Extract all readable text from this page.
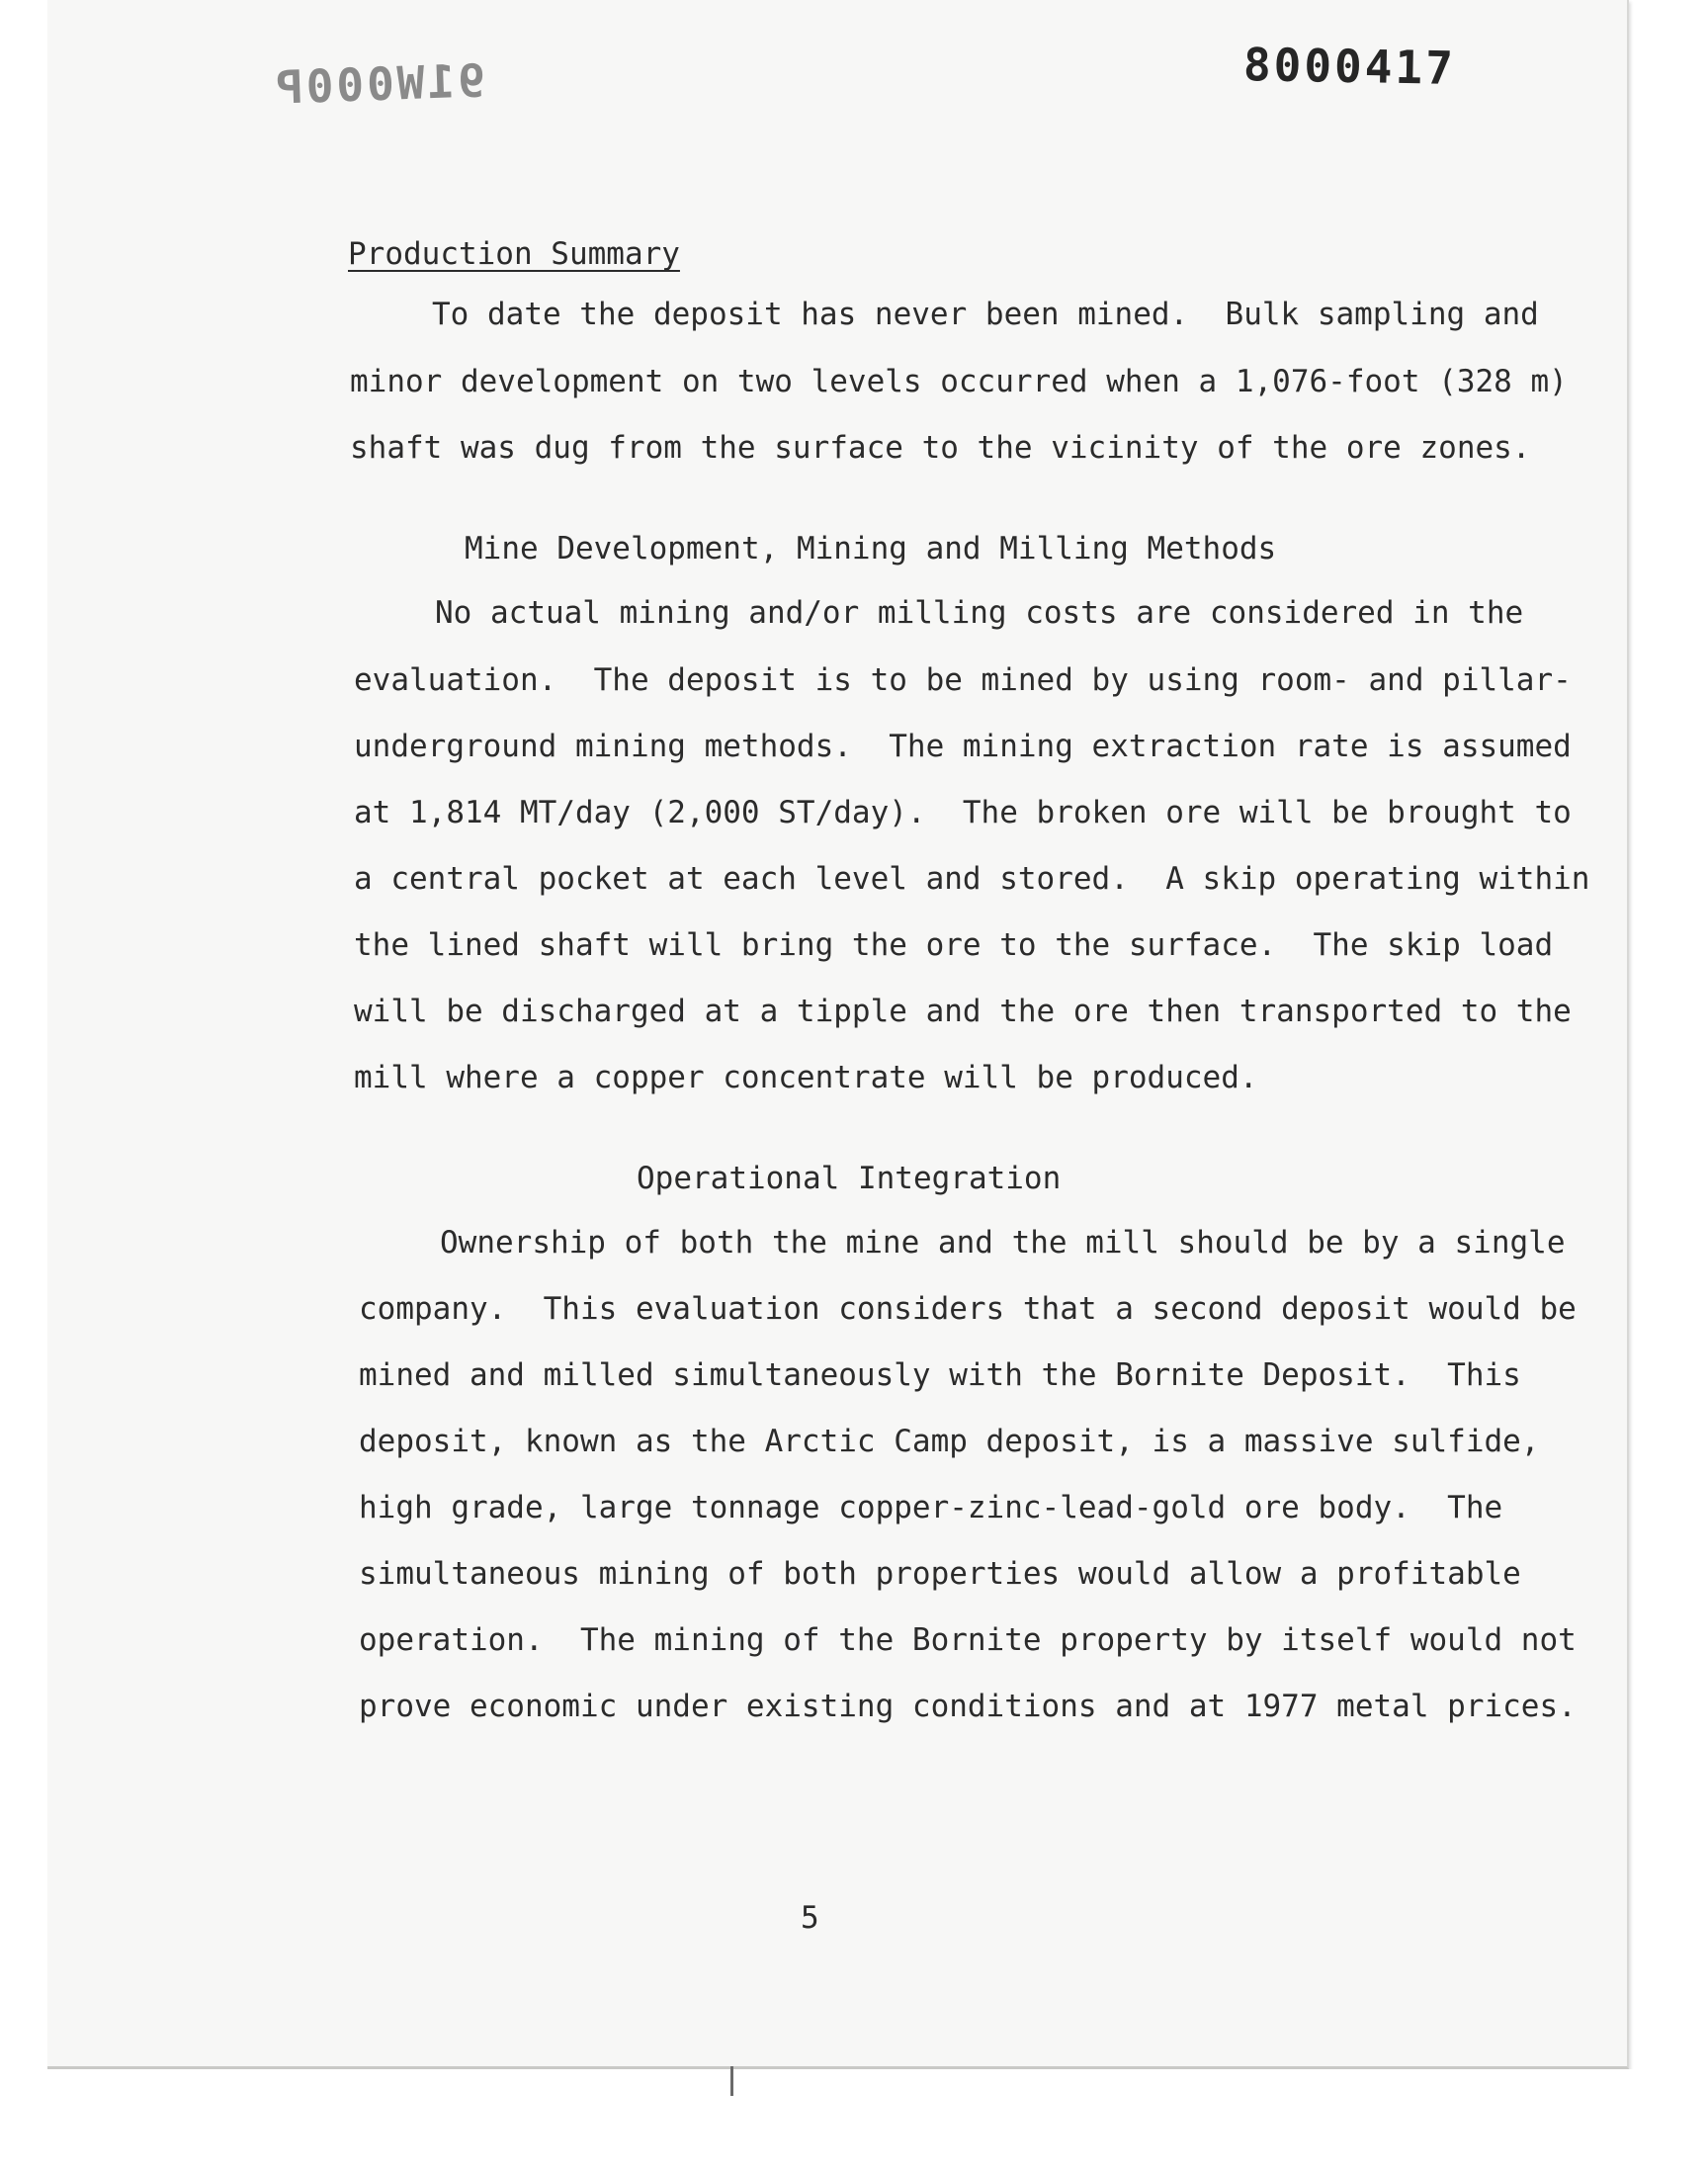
91W000P	8000417

Production Summary

To date the deposit has never been mined.  Bulk sampling and

minor development on two levels occurred when a 1,076-foot (328 m)

shaft was dug from the surface to the vicinity of the ore zones.

Mine Development, Mining and Milling Methods

No actual mining and/or milling costs are considered in the

evaluation.  The deposit is to be mined by using room- and pillar-

underground mining methods.  The mining extraction rate is assumed

at 1,814 MT/day (2,000 ST/day).  The broken ore will be brought to

a central pocket at each level and stored.  A skip operating within

the lined shaft will bring the ore to the surface.  The skip load

will be discharged at a tipple and the ore then transported to the

mill where a copper concentrate will be produced.

Operational Integration

Ownership of both the mine and the mill should be by a single

company.  This evaluation considers that a second deposit would be

mined and milled simultaneously with the Bornite Deposit.  This

deposit, known as the Arctic Camp deposit, is a massive sulfide,

high grade, large tonnage copper-zinc-lead-gold ore body.  The

simultaneous mining of both properties would allow a profitable

operation.  The mining of the Bornite property by itself would not

prove economic under existing conditions and at 1977 metal prices.

5
